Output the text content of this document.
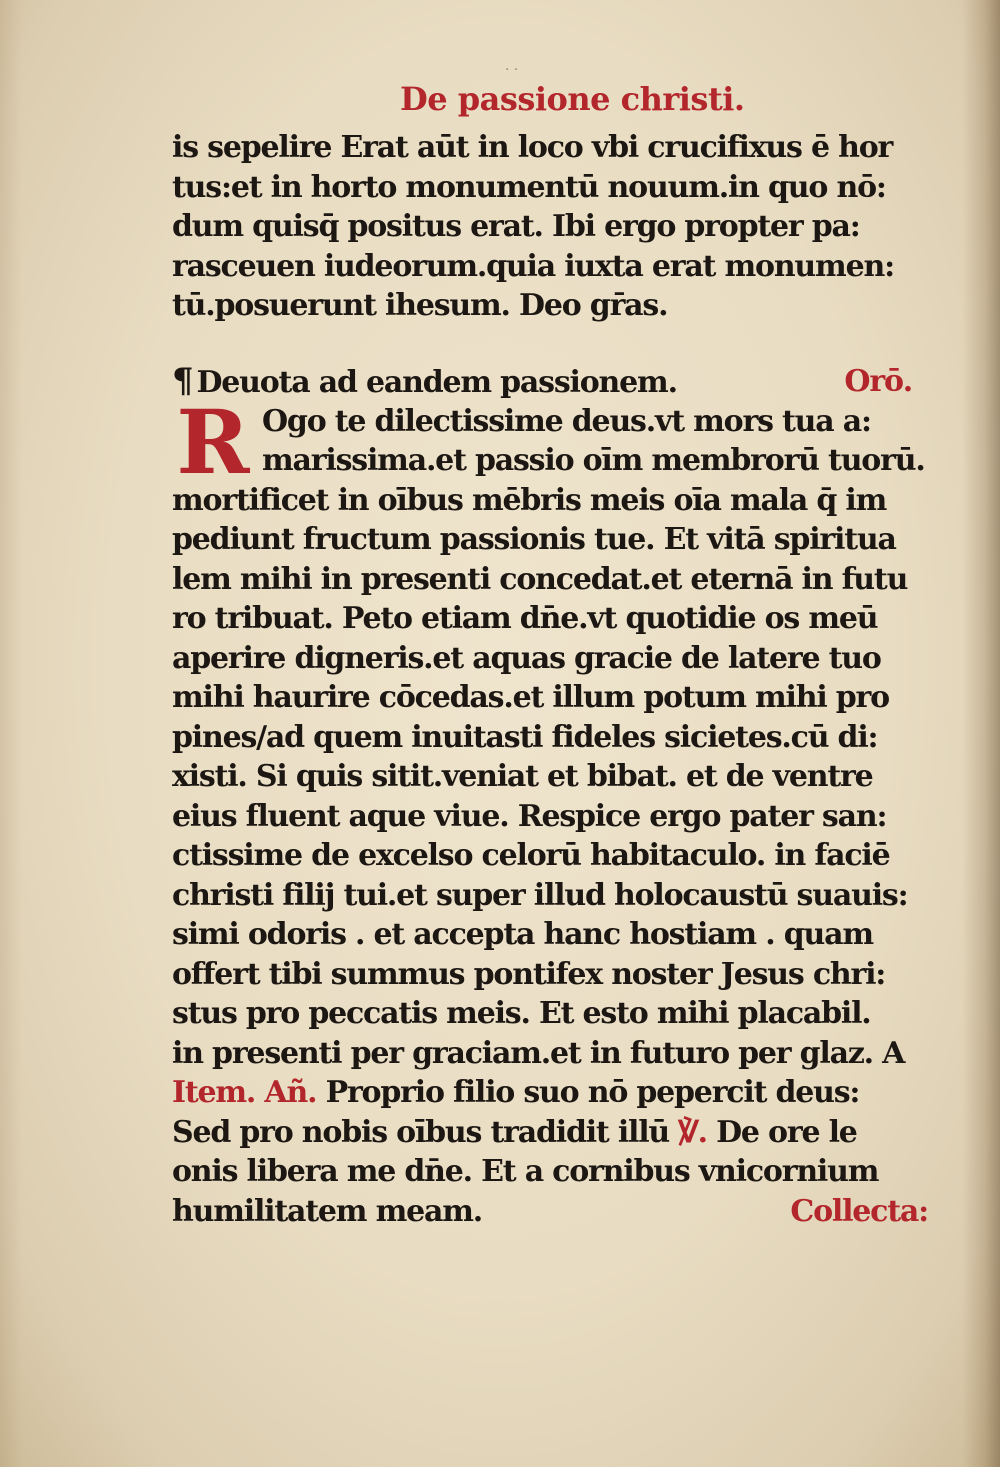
· ·
De passione christi.
is sepelire Erat aūt in loco vbi crucifixus ē hor
tus:et in horto monumentū nouum.in quo nō:
dum quisq̄ positus erat. Ibi ergo propter pa:
rasceuen iudeorum.quia iuxta erat monumen:
tū.posuerunt ihesum. Deo gr̄as.
¶ Deuota ad eandem passionem.	Orō.
R Ogo te dilectissime deus.vt mors tua a:
marissima.et passio oīm membrorū tuorū.
mortificet in oībus mēbris meis oīa mala q̄ im
pediunt fructum passionis tue. Et vitā spiritua
lem mihi in presenti concedat.et eternā in futu
ro tribuat. Peto etiam dn̄e.vt quotidie os meū
aperire digneris.et aquas gracie de latere tuo
mihi haurire cōcedas.et illum potum mihi pro
pines/ad quem inuitasti fideles sicietes.cū di:
xisti. Si quis sitit.veniat et bibat. et de ventre
eius fluent aque viue. Respice ergo pater san:
ctissime de excelso celorū habitaculo. in faciē
christi filij tui.et super illud holocaustū suauis:
simi odoris . et accepta hanc hostiam . quam
offert tibi summus pontifex noster Jesus chri:
stus pro peccatis meis. Et esto mihi placabil.
in presenti per graciam.et in futuro per glaz. A
Item. Añ. Proprio filio suo nō pepercit deus:
Sed pro nobis oībus tradidit illū ℣. De ore le
onis libera me dn̄e. Et a cornibus vnicornium
humilitatem meam.	Collecta:
